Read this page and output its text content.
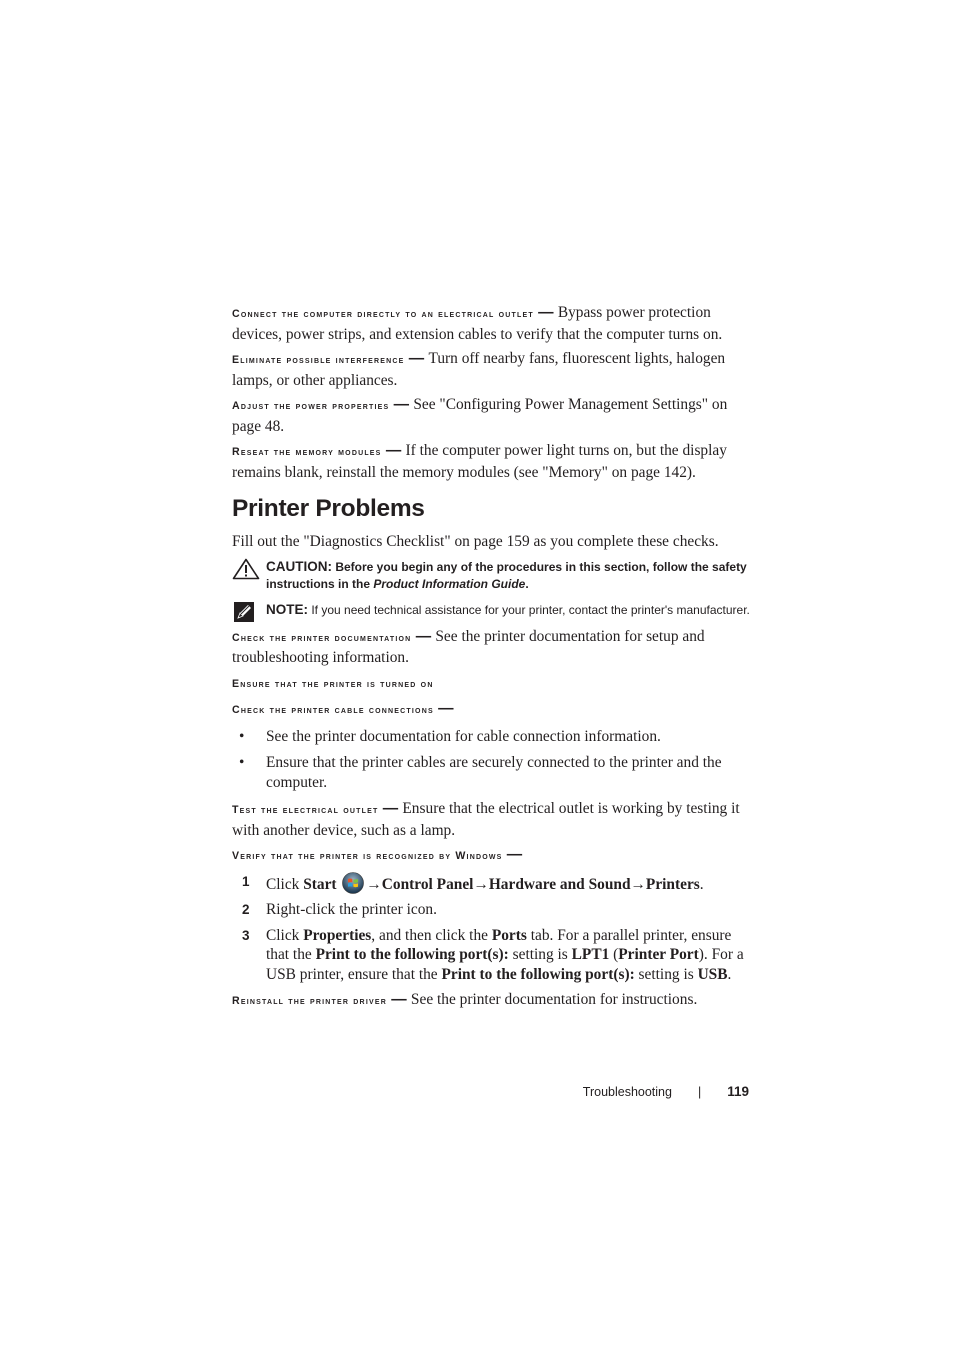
Connect the computer directly to an electrical outlet — Bypass power protection devices, power strips, and extension cables to verify that the computer turns on.

Eliminate possible interference — Turn off nearby fans, fluorescent lights, halogen lamps, or other appliances.

Adjust the power properties — See "Configuring Power Management Settings" on page 48.

Reseat the memory modules — If the computer power light turns on, but the display remains blank, reinstall the memory modules (see "Memory" on page 142).

Printer Problems

Fill out the "Diagnostics Checklist" on page 159 as you complete these checks.

CAUTION: Before you begin any of the procedures in this section, follow the safety instructions in the Product Information Guide.
NOTE: If you need technical assistance for your printer, contact the printer's manufacturer.

Check the printer documentation — See the printer documentation for setup and troubleshooting information.

Ensure that the printer is turned on

Check the printer cable connections —

• See the printer documentation for cable connection information.
• Ensure that the printer cables are securely connected to the printer and the computer.

Test the electrical outlet — Ensure that the electrical outlet is working by testing it with another device, such as a lamp.

Verify that the printer is recognized by Windows —

1 Click Start →Control Panel→Hardware and Sound→Printers.
2 Right-click the printer icon.
3 Click Properties, and then click the Ports tab. For a parallel printer, ensure that the Print to the following port(s): setting is LPT1 (Printer Port). For a USB printer, ensure that the Print to the following port(s): setting is USB.

Reinstall the printer driver — See the printer documentation for instructions.

Troubleshooting | 119
